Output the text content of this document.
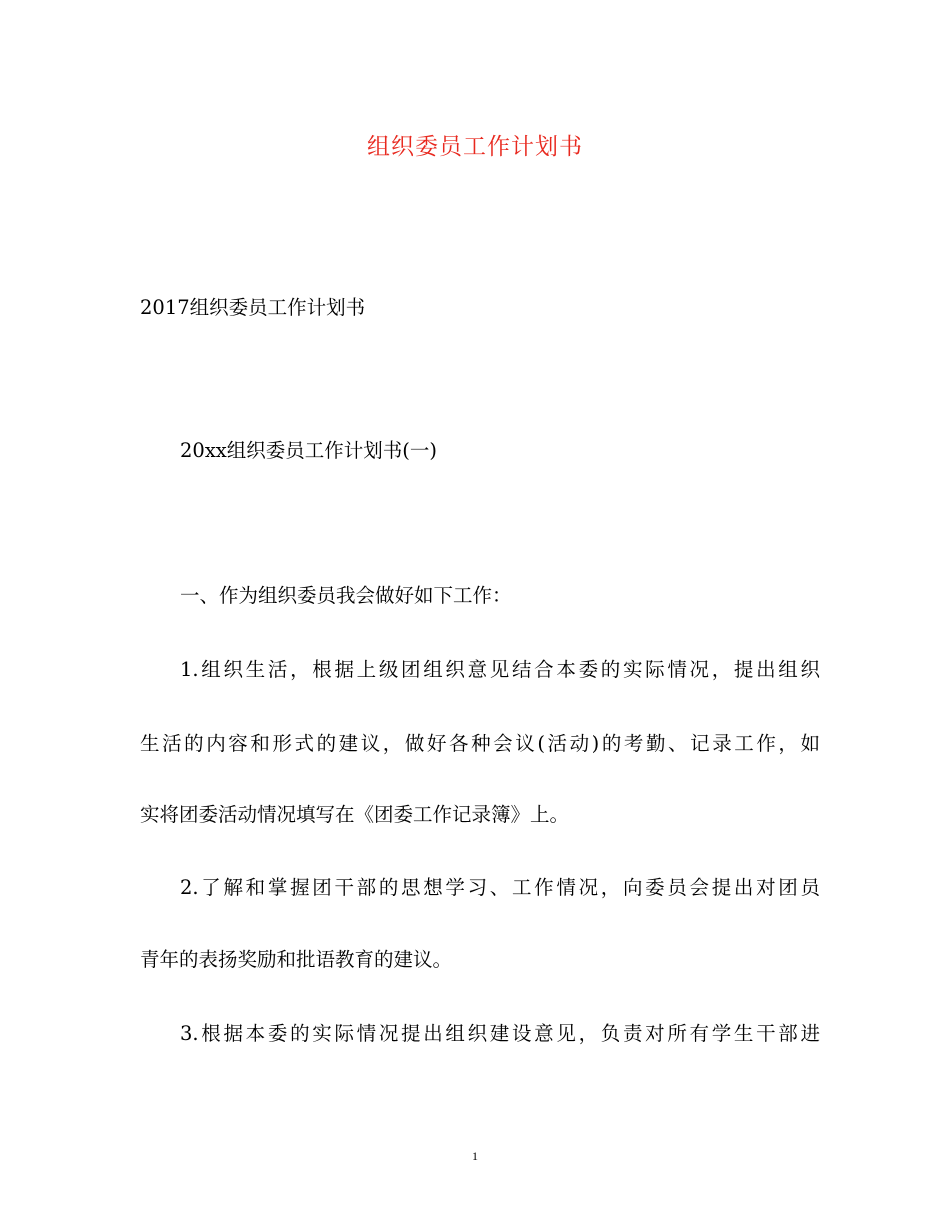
组织委员工作计划书
2017组织委员工作计划书
20xx组织委员工作计划书(一)
一、作为组织委员我会做好如下工作：
1.组织生活，根据上级团组织意见结合本委的实际情况，提出组织
生活的内容和形式的建议，做好各种会议(活动)的考勤、记录工作，如
实将团委活动情况填写在《团委工作记录簿》上。
2.了解和掌握团干部的思想学习、工作情况，向委员会提出对团员
青年的表扬奖励和批语教育的建议。
3.根据本委的实际情况提出组织建设意见，负责对所有学生干部进
1
